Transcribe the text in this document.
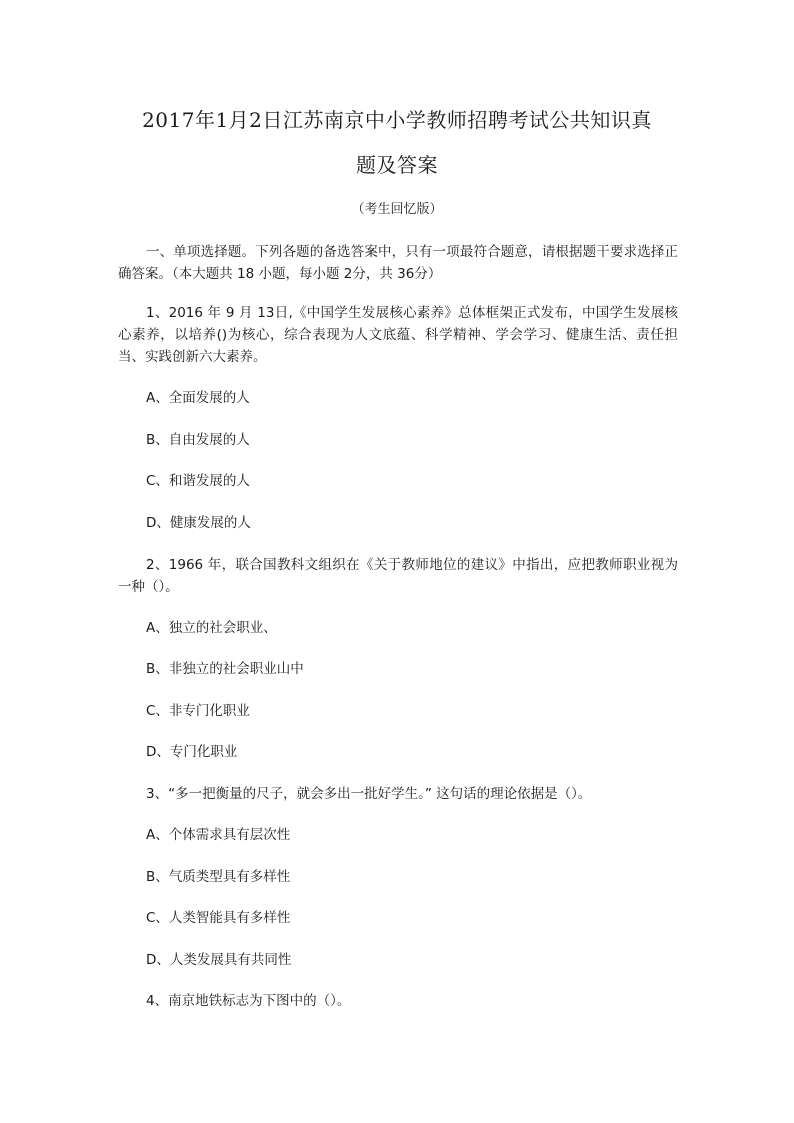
2017年1月2日江苏南京中小学教师招聘考试公共知识真
题及答案
（考生回忆版）
一、单项选择题。下列各题的备选答案中，只有一项最符合题意，请根据题干要求选择正确答案。（本大题共 18 小题，每小题 2分，共 36分）
1、2016 年 9 月 13日,《中国学生发展核心素养》总体框架正式发布，中国学生发展核心素养，以培养()为核心，综合表现为人文底蕴、科学精神、学会学习、健康生活、责任担当、实践创新六大素养。
A、全面发展的人
B、自由发展的人
C、和谐发展的人
D、健康发展的人
2、1966 年，联合国教科文组织在《关于教师地位的建议》中指出，应把教师职业视为一种（）。
A、独立的社会职业、
B、非独立的社会职业山中
C、非专门化职业
D、专门化职业
3、“多一把衡量的尺子，就会多出一批好学生。” 这句话的理论依据是（）。
A、个体需求具有层次性
B、气质类型具有多样性
C、人类智能具有多样性
D、人类发展具有共同性
4、南京地铁标志为下图中的（）。
